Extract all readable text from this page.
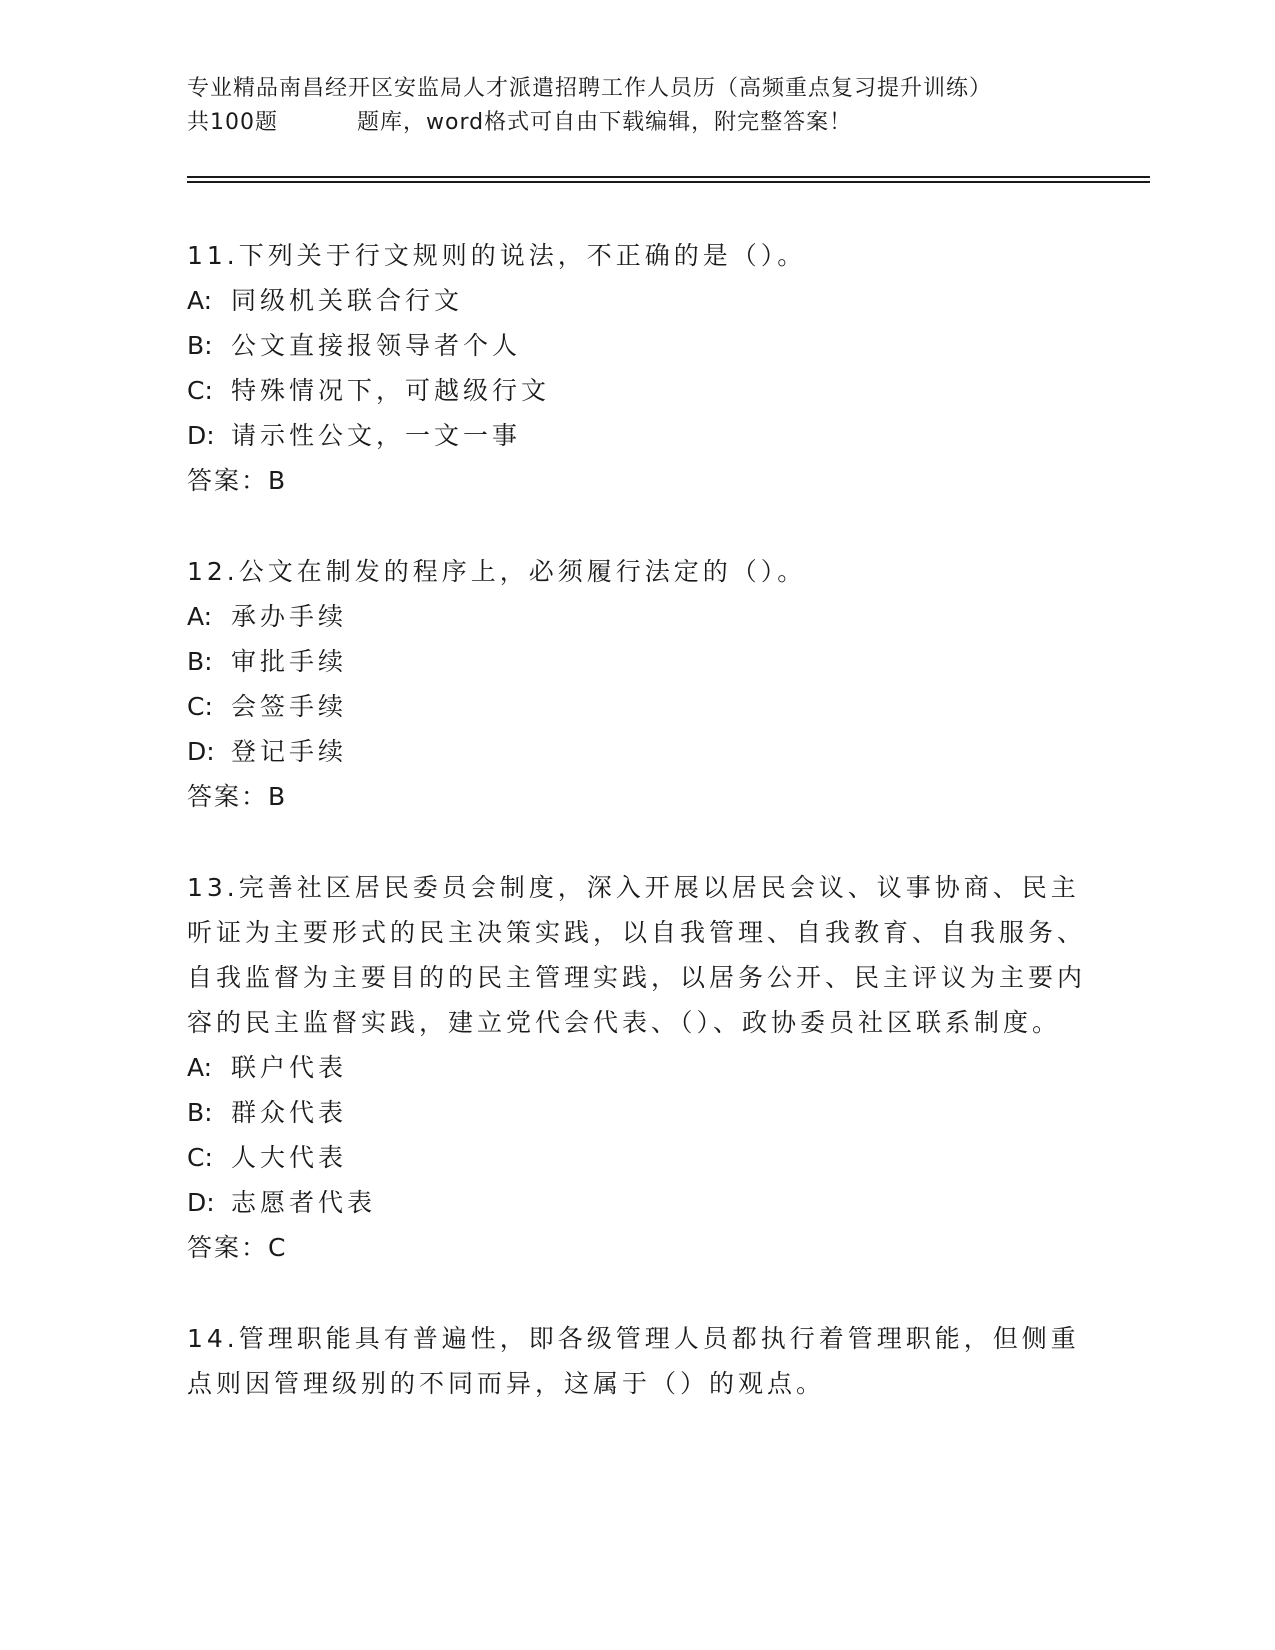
专业精品南昌经开区安监局人才派遣招聘工作人员历（高频重点复习提升训练）
共100题	题库，word格式可自由下载编辑，附完整答案！
11.下列关于行文规则的说法，不正确的是（）。
A: 同级机关联合行文
B: 公文直接报领导者个人
C: 特殊情况下，可越级行文
D: 请示性公文，一文一事
答案：B
12.公文在制发的程序上，必须履行法定的（）。
A: 承办手续
B: 审批手续
C: 会签手续
D: 登记手续
答案：B
13.完善社区居民委员会制度，深入开展以居民会议、议事协商、民主听证为主要形式的民主决策实践，以自我管理、自我教育、自我服务、自我监督为主要目的的民主管理实践，以居务公开、民主评议为主要内容的民主监督实践，建立党代会代表、（）、政协委员社区联系制度。
A: 联户代表
B: 群众代表
C: 人大代表
D: 志愿者代表
答案：C
14.管理职能具有普遍性，即各级管理人员都执行着管理职能，但侧重点则因管理级别的不同而异，这属于（）的观点。
